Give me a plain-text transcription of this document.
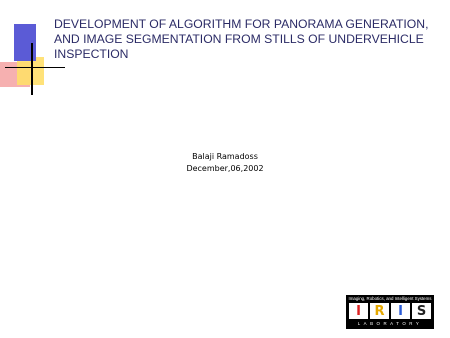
DEVELOPMENT OF ALGORITHM FOR PANORAMA GENERATION,
AND IMAGE SEGMENTATION FROM STILLS OF UNDERVEHICLE
INSPECTION
Balaji Ramadoss
December,06,2002
Imaging, Robotics, and Intelligent Systems
I	R	I	S
LABORATORY
